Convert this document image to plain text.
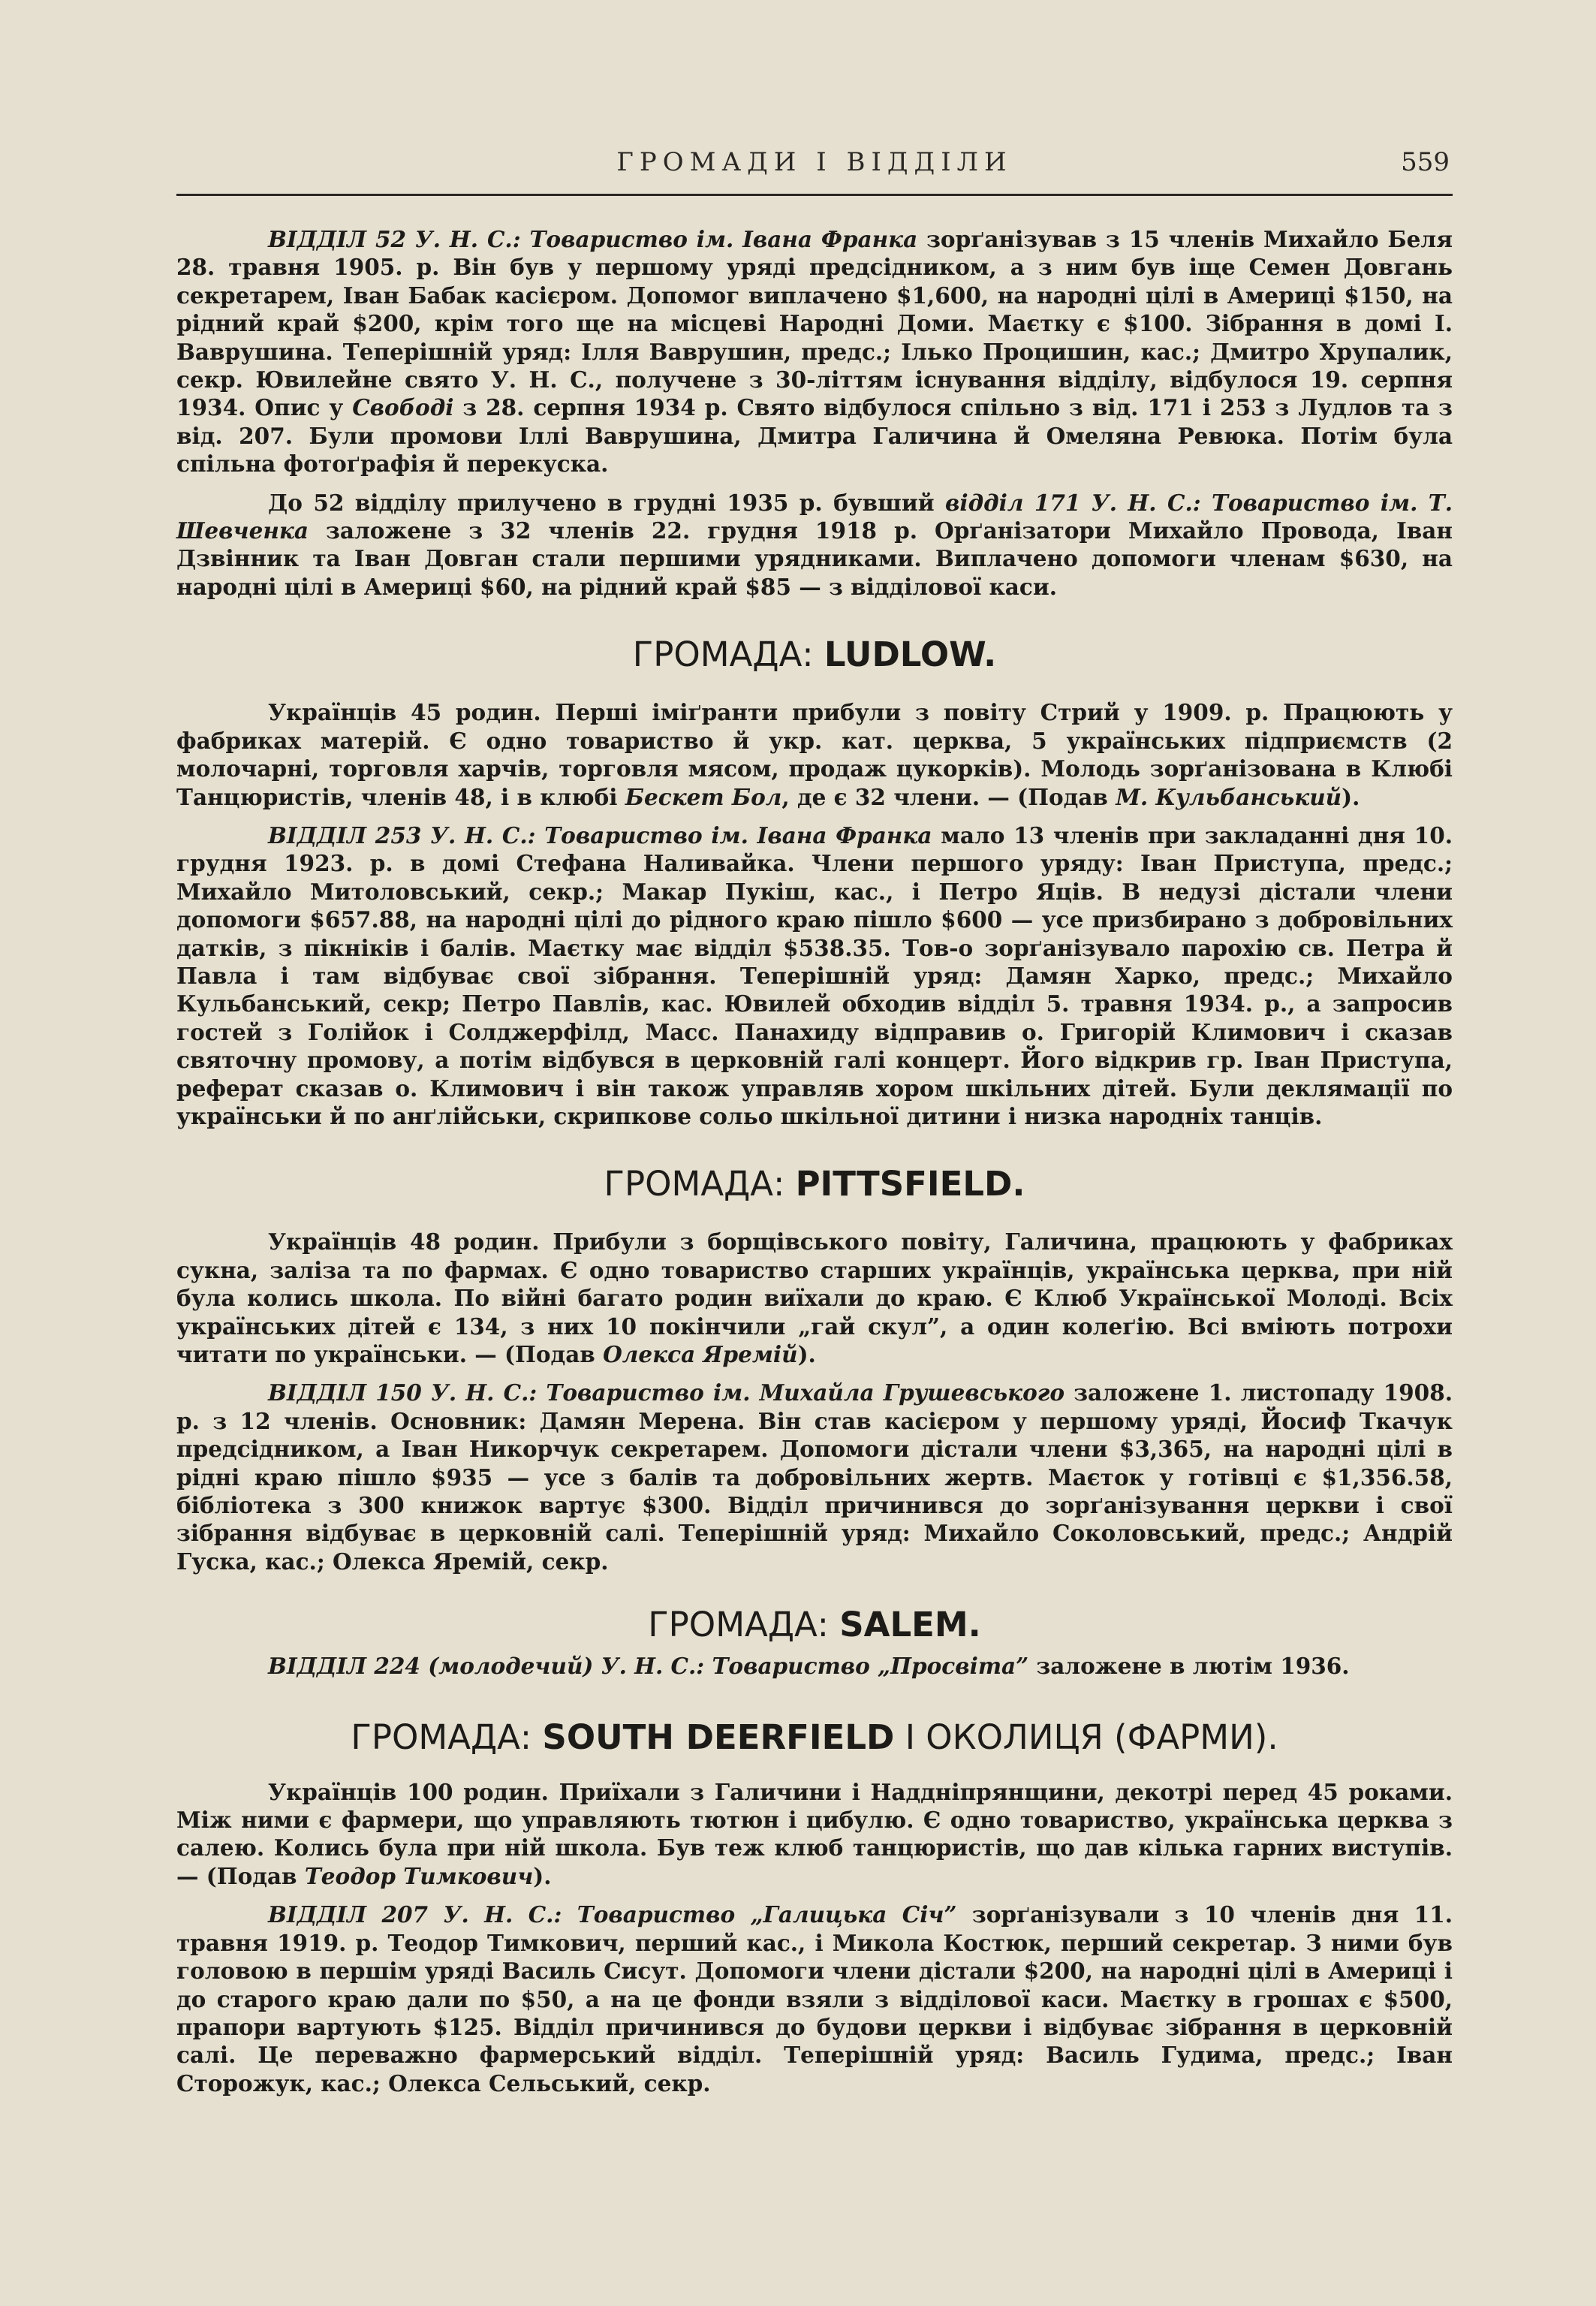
ГРОМАДИ І ВІДДІЛИ	559

ВІДДІЛ 52 У. Н. С.: Товариство ім. Івана Франка зорґанізував з 15 членів Михайло Беля 28. травня 1905. р. Він був у першому уряді предсідником, а з ним був іще Семен Довгань секретарем, Іван Бабак касієром. Допомог виплачено $1,600, на народні цілі в Америці $150, на рідний край $200, крім того ще на місцеві Народні Доми. Маєтку є $100. Зібрання в домі І. Ваврушина. Теперішній уряд: Ілля Ваврушин, предс.; Ілько Процишин, кас.; Дмитро Хрупалик, секр. Ювилейне свято У. Н. С., получене з 30-літтям існування відділу, відбулося 19. серпня 1934. Опис у Свободі з 28. серпня 1934 р. Свято відбулося спільно з від. 171 і 253 з Лудлов та з від. 207. Були промови Іллі Ваврушина, Дмитра Галичина й Омеляна Ревюка. Потім була спільна фотоґрафія й перекуска.

До 52 відділу прилучено в грудні 1935 р. бувший відділ 171 У. Н. С.: Товариство ім. Т. Шевченка заложене з 32 членів 22. грудня 1918 р. Орґанізатори Михайло Провода, Іван Дзвінник та Іван Довган стали першими урядниками. Виплачено допомоги членам $630, на народні цілі в Америці $60, на рідний край $85 — з відділової каси.

ГРОМАДА: LUDLOW.

Українців 45 родин. Перші іміґранти прибули з повіту Стрий у 1909. р. Працюють у фабриках матерій. Є одно товариство й укр. кат. церква, 5 українських підприємств (2 молочарні, торговля харчів, торговля мясом, продаж цукорків). Молодь зорґанізована в Клюбі Танцюристів, членів 48, і в клюбі Бескет Бол, де є 32 члени. — (Подав М. Кульбанський).

ВІДДІЛ 253 У. Н. С.: Товариство ім. Івана Франка мало 13 членів при закладанні дня 10. грудня 1923. р. в домі Стефана Наливайка. Члени першого уряду: Іван Приступа, предс.; Михайло Митоловський, секр.; Макар Пукіш, кас., і Петро Яців. В недузі дістали члени допомоги $657.88, на народні цілі до рідного краю пішло $600 — усе призбирано з добровільних датків, з пікніків і балів. Маєтку має відділ $538.35. Тов-о зорґанізувало парохію св. Петра й Павла і там відбуває свої зібрання. Теперішній уряд: Дамян Харко, предс.; Михайло Кульбанський, секр; Петро Павлів, кас. Ювилей обходив відділ 5. травня 1934. р., а запросив гостей з Голійок і Солджерфілд, Масс. Панахиду відправив о. Григорій Климович і сказав святочну промову, а потім відбувся в церковній галі концерт. Його відкрив гр. Іван Приступа, реферат сказав о. Климович і він також управляв хором шкільних дітей. Були деклямації по українськи й по анґлійськи, скрипкове сольо шкільної дитини і низка народніх танців.

ГРОМАДА: PITTSFIELD.

Українців 48 родин. Прибули з борщівського повіту, Галичина, працюють у фабриках сукна, заліза та по фармах. Є одно товариство старших українців, українська церква, при ній була колись школа. По війні багато родин виїхали до краю. Є Клюб Української Молоді. Всіх українських дітей є 134, з них 10 покінчили „гай скул”, а один колеґію. Всі вміють потрохи читати по українськи. — (Подав Олекса Яремій).

ВІДДІЛ 150 У. Н. С.: Товариство ім. Михайла Грушевського заложене 1. листопаду 1908. р. з 12 членів. Основник: Дамян Мерена. Він став касієром у першому уряді, Йосиф Ткачук предсідником, а Іван Никорчук секретарем. Допомоги дістали члени $3,365, на народні цілі в рідні краю пішло $935 — усе з балів та добровільних жертв. Маєток у готівці є $1,356.58, бібліотека з 300 книжок вартує $300. Відділ причинився до зорґанізування церкви і свої зібрання відбуває в церковній салі. Теперішній уряд: Михайло Соколовський, предс.; Андрій Гуска, кас.; Олекса Яремій, секр.

ГРОМАДА: SALEM.

ВІДДІЛ 224 (молодечий) У. Н. С.: Товариство „Просвіта” заложене в лютім 1936.

ГРОМАДА: SOUTH DEERFIELD І ОКОЛИЦЯ (ФАРМИ).

Українців 100 родин. Приїхали з Галичини і Наддніпрянщини, декотрі перед 45 роками. Між ними є фармери, що управляють тютюн і цибулю. Є одно товариство, українська церква з салею. Колись була при ній школа. Був теж клюб танцюристів, що дав кілька гарних виступів. — (Подав Теодор Тимкович).

ВІДДІЛ 207 У. Н. С.: Товариство „Галицька Січ” зорґанізували з 10 членів дня 11. травня 1919. р. Теодор Тимкович, перший кас., і Микола Костюк, перший секретар. З ними був головою в першім уряді Василь Сисут. Допомоги члени дістали $200, на народні цілі в Америці і до старого краю дали по $50, а на це фонди взяли з відділової каси. Маєтку в грошах є $500, прапори вартують $125. Відділ причинився до будови церкви і відбуває зібрання в церковній салі. Це переважно фармерський відділ. Теперішній уряд: Василь Гудима, предс.; Іван Сторожук, кас.; Олекса Сельський, секр.
